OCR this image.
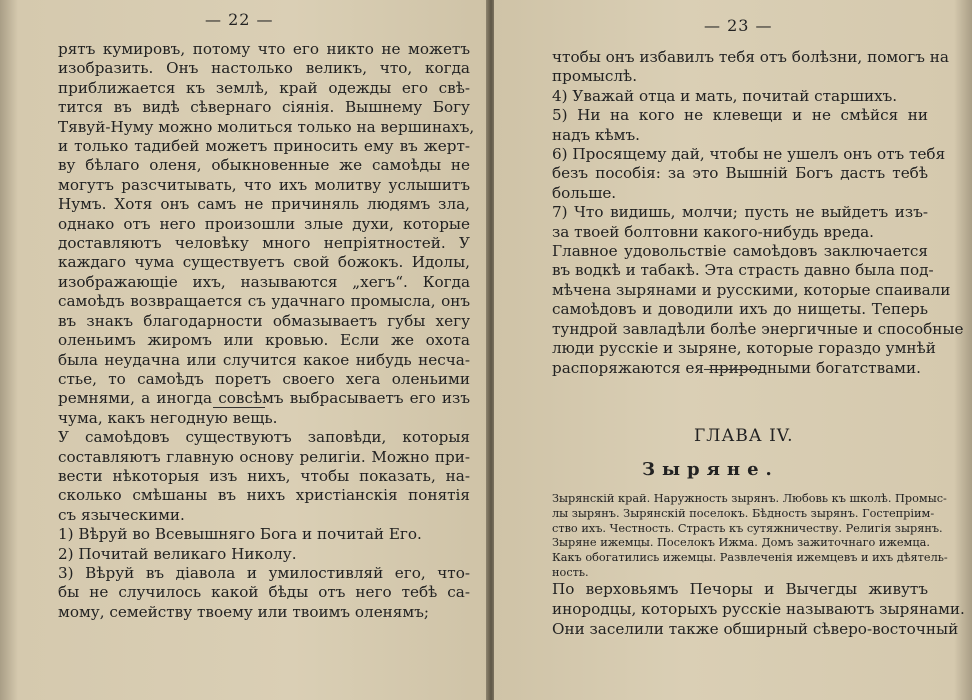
— 22 —
рятъ кумировъ, потому что его никто не можетъ
изобразить. Онъ настолько великъ, что, когда
приближается къ землѣ, край одежды его свѣ-
тится въ видѣ сѣвернаго сіянія. Вышнему Богу
Тявуй-Нуму можно молиться только на вершинахъ,
и только тадибей можетъ приносить ему въ жерт-
ву бѣлаго оленя, обыкновенные же самоѣды не
могутъ разсчитывать, что ихъ молитву услышитъ
Нумъ. Хотя онъ самъ не причиняль людямъ зла,
однако отъ него произошли злые духи, которые
доставляютъ человѣку много непріятностей. У
каждаго чума существуетъ свой божокъ. Идолы,
изображающіе ихъ, называются „хегъ“. Когда
самоѣдъ возвращается съ удачнаго промысла, онъ
въ знакъ благодарности обмазываетъ губы хегу
оленьимъ жиромъ или кровью. Если же охота
была неудачна или случится какое нибудь несча-
стье, то самоѣдъ поретъ своего хега оленьими
ремнями, а иногда совсѣмъ выбрасываетъ его изъ
чума, какъ негодную вещь.
У самоѣдовъ существуютъ заповѣди, которыя
составляютъ главную основу религіи. Можно при-
вести нѣкоторыя изъ нихъ, чтобы показать, на-
сколько смѣшаны въ нихъ христіанскія понятія
съ языческими.
1) Вѣруй во Всевышняго Бога и почитай Его.
2) Почитай великаго Николу.
3) Вѣруй въ діавола и умилостивляй его, что-
бы не случилось какой бѣды отъ него тебѣ са-
мому, семейству твоему или твоимъ оленямъ;
— 23 —
чтобы онъ избавилъ тебя отъ болѣзни, помогъ на
промыслѣ.
4) Уважай отца и мать, почитай старшихъ.
5) Ни на кого не клевещи и не смѣйся ни
надъ кѣмъ.
6) Просящему дай, чтобы не ушелъ онъ отъ тебя
безъ пособія: за это Вышній Богъ дастъ тебѣ
больше.
7) Что видишь, молчи; пусть не выйдетъ изъ-
за твоей болтовни какого-нибудь вреда.
Главное удовольствіе самоѣдовъ заключается
въ водкѣ и табакѣ. Эта страсть давно была под-
мѣчена зырянами и русскими, которые спаивали
самоѣдовъ и доводили ихъ до нищеты. Теперь
тундрой завладѣли болѣе энергичные и способные
люди русскіе и зыряне, которые гораздо умнѣй
распоряжаются ея природными богатствами.
ГЛАВА IV.
Зыряне.
Зырянскій край. Наружность зырянъ. Любовь къ школѣ. Промыс-
лы зырянъ. Зырянскій поселокъ. Бѣдность зырянъ. Гостепріим-
ство ихъ. Честность. Страсть къ сутяжничеству. Религія зырянъ.
Зыряне ижемцы. Поселокъ Ижма. Домъ зажиточнаго ижемца.
Какъ обогатились ижемцы. Развлеченія ижемцевъ и ихъ дѣятель-
ность.
По верховьямъ Печоры и Вычегды живутъ
инородцы, которыхъ русскіе называютъ зырянами.
Они заселили также обширный сѣверо-восточный
